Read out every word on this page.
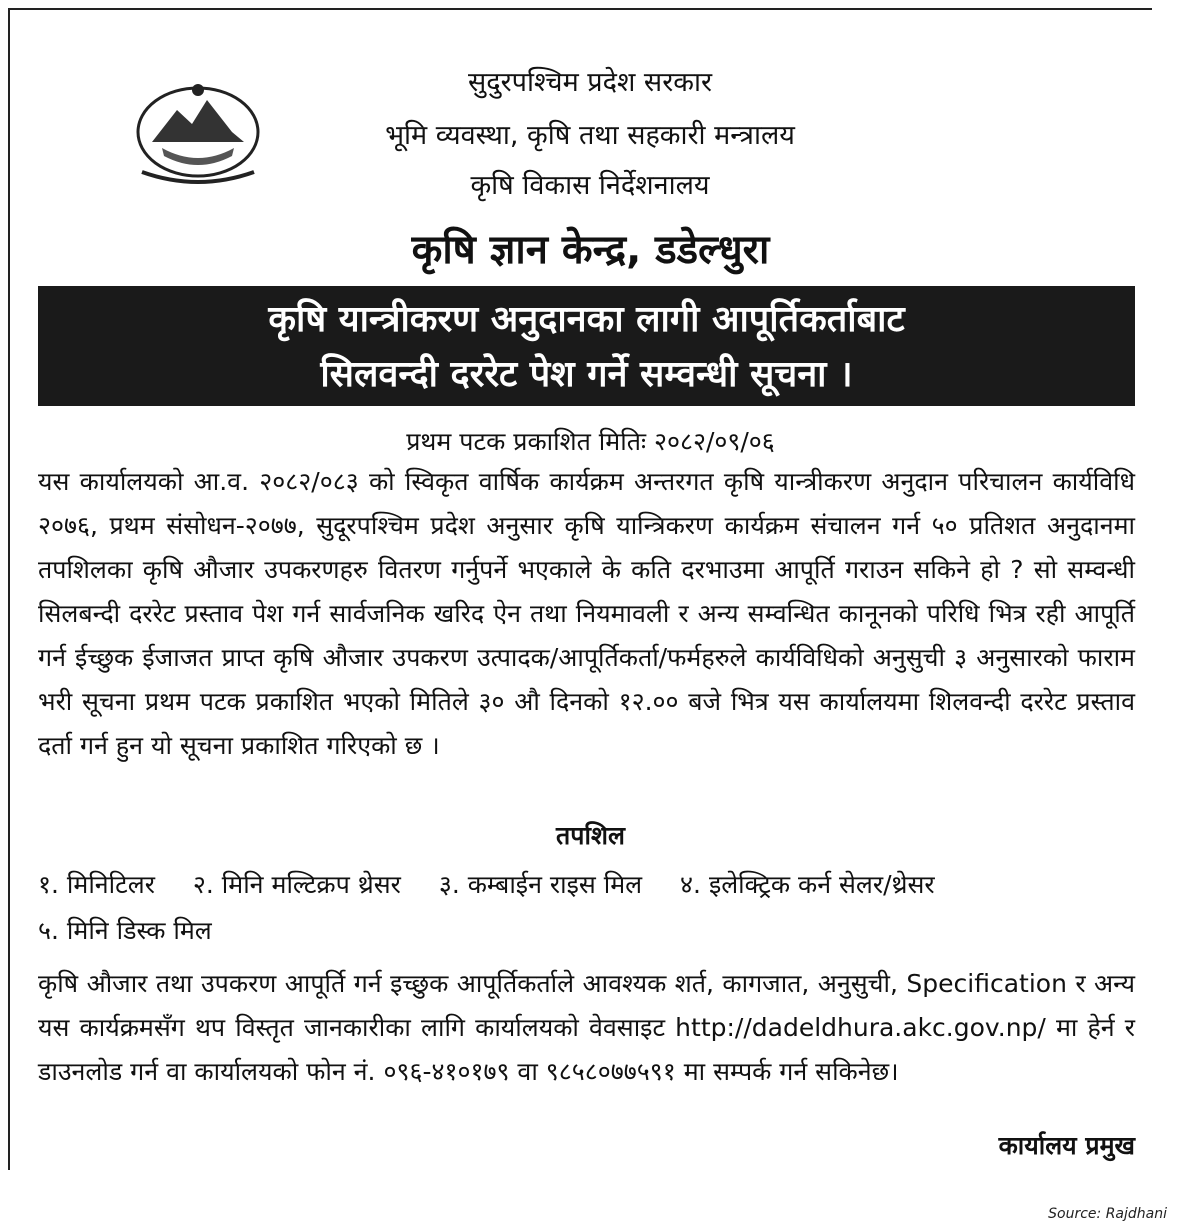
सुदुरपश्चिम प्रदेश सरकार
भूमि व्यवस्था, कृषि तथा सहकारी मन्त्रालय
कृषि विकास निर्देशनालय
कृषि ज्ञान केन्द्र, डडेल्धुरा
कृषि यान्त्रीकरण अनुदानका लागी आपूर्तिकर्ताबाट
सिलवन्दी दररेट पेश गर्ने सम्वन्धी सूचना ।
प्रथम पटक प्रकाशित मितिः २०८२/०९/०६
यस कार्यालयको आ.व. २०८२/०८३ को स्विकृत वार्षिक कार्यक्रम अन्तरगत कृषि यान्त्रीकरण अनुदान परिचालन कार्यविधि २०७६, प्रथम संसोधन-२०७७, सुदूरपश्चिम प्रदेश अनुसार कृषि यान्त्रिकरण कार्यक्रम संचालन गर्न ५० प्रतिशत अनुदानमा तपशिलका कृषि औजार उपकरणहरु वितरण गर्नुपर्ने भएकाले के कति दरभाउमा आपूर्ति गराउन सकिने हो ? सो सम्वन्धी सिलबन्दी दररेट प्रस्ताव पेश गर्न सार्वजनिक खरिद ऐन तथा नियमावली र अन्य सम्वन्धित कानूनको परिधि भित्र रही आपूर्ति गर्न ईच्छुक ईजाजत प्राप्त कृषि औजार उपकरण उत्पादक/आपूर्तिकर्ता/फर्महरुले कार्यविधिको अनुसुची ३ अनुसारको फाराम भरी सूचना प्रथम पटक प्रकाशित भएको मितिले ३० औ दिनको १२.०० बजे भित्र यस कार्यालयमा शिलवन्दी दररेट प्रस्ताव दर्ता गर्न हुन यो सूचना प्रकाशित गरिएको छ ।
तपशिल
१. मिनिटिलर २. मिनि मल्टिक्रप थ्रेसर ३. कम्बाईन राइस मिल ४. इलेक्ट्रिक कर्न सेलर/थ्रेसर
५. मिनि डिस्क मिल
कृषि औजार तथा उपकरण आपूर्ति गर्न इच्छुक आपूर्तिकर्ताले आवश्यक शर्त, कागजात, अनुसुची, Specification र अन्य यस कार्यक्रमसँग थप विस्तृत जानकारीका लागि कार्यालयको वेवसाइट http://dadeldhura.akc.gov.np/ मा हेर्न र डाउनलोड गर्न वा कार्यालयको फोन नं. ०९६-४१०१७९ वा ९८५८०७७५९१ मा सम्पर्क गर्न सकिनेछ।
कार्यालय प्रमुख
Source: Rajdhani
